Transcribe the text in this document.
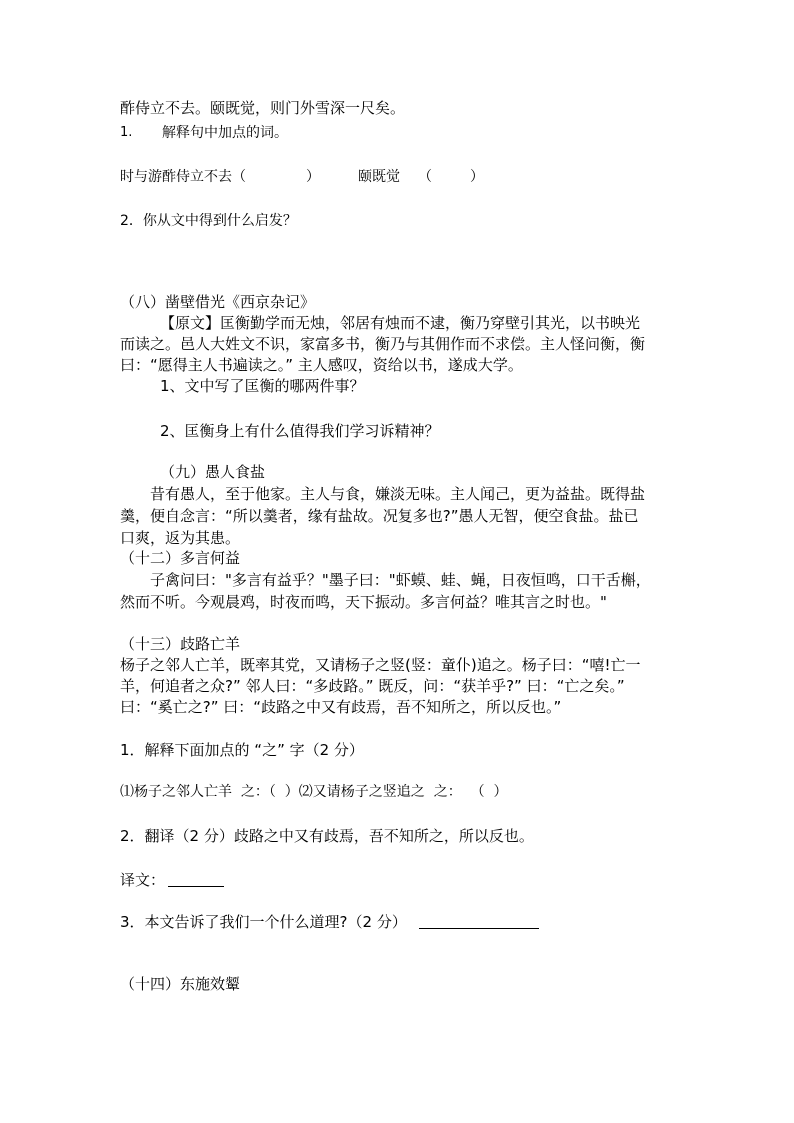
酢侍立不去。颐既觉，则门外雪深一尺矣。
1. 解释句中加点的词。
时与游酢侍立不去（	）	颐既觉 （	）
2．你从文中得到什么启发？
（八）凿壁借光《西京杂记》
【原文】匡衡勤学而无烛，邻居有烛而不逮，衡乃穿壁引其光，以书映光
而读之。邑人大姓文不识，家富多书，衡乃与其佣作而不求偿。主人怪问衡，衡
曰：“愿得主人书遍读之。” 主人感叹，资给以书，遂成大学。
1、文中写了匡衡的哪两件事？
2、匡衡身上有什么值得我们学习诉精神？
（九）愚人食盐
昔有愚人，至于他家。主人与食，嫌淡无味。主人闻己，更为益盐。既得盐
羹，便自念言：“所以羹者，缘有盐故。况复多也?”愚人无智，便空食盐。盐已
口爽，返为其患。
（十二）多言何益
子禽问曰："多言有益乎？"墨子曰："虾蟆、蛙、蝇，日夜恒鸣，口干舌槲，
然而不听。今观晨鸡，时夜而鸣，天下振动。多言何益？唯其言之时也。"
（十三）歧路亡羊
杨子之邻人亡羊，既率其党，又请杨子之竖(竖：童仆)追之。杨子曰：“嘻!亡一
羊，何追者之众?” 邻人曰：“多歧路。” 既反，问：“获羊乎?” 曰：“亡之矣。”
曰：“奚亡之?” 曰：“歧路之中又有歧焉，吾不知所之，所以反也。”
1．解释下面加点的 “之” 字（2 分）
⑴杨子之邻人亡羊  之：（  ）⑵又请杨子之竖追之  之：  （  ）
2．翻译（2 分）歧路之中又有歧焉，吾不知所之，所以反也。
译文：
3．本文告诉了我们一个什么道理?（2 分）
（十四）东施效颦
